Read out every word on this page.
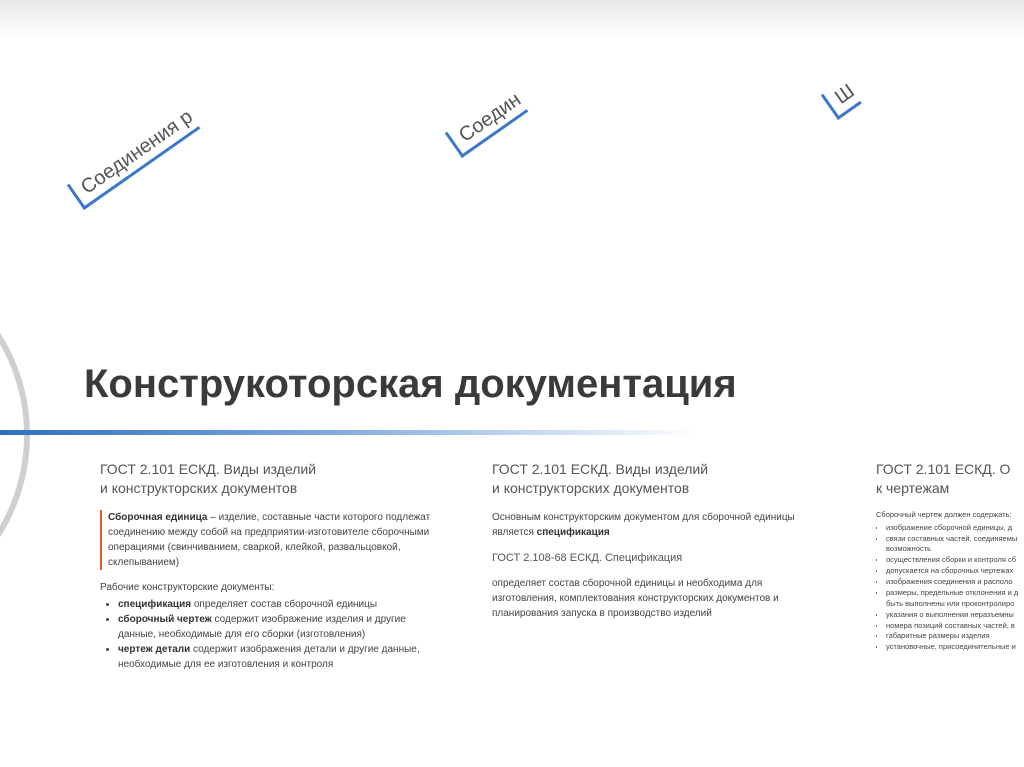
Соединения р	Соедин	Ш
Конструкоторская документация
ГОСТ 2.101 ЕСКД. Виды изделий
и конструкторских документов

Сборочная единица – изделие, составные части которого подлежат соединению между собой на предприятии-изготовителе сборочными операциями (свинчиванием, сваркой, клейкой, развальцовкой, склепыванием)

Рабочие конструкторские документы:

• спецификация определяет состав сборочной единицы
• сборочный чертеж содержит изображение изделия и другие данные, необходимые для его сборки (изготовления)
• чертеж детали содержит изображения детали и другие данные, необходимые для ее изготовления и контроля
ГОСТ 2.101 ЕСКД. Виды изделий
и конструкторских документов

Основным конструкторским документом для сборочной единицы является спецификация

ГОСТ 2.108-68 ЕСКД. Спецификация

определяет состав сборочной единицы и необходима для изготовления, комплектования конструкторских документов и планирования запуска в производство изделий

ГОСТ 2.101 ЕСКД. О
к чертежам

Сборочный чертеж должен содержать:

• изображение сборочной единицы, д
• связи составных частей, соединяемы
возможность
• осуществления сборки и контроля сб
• допускается на сборочных чертежах
• изображения соединения и располо
• размеры, предельные отклонения и д
быть выполнены или проконтролиро
• указания о выполнении неразъемны
• номера позиций составных частей, в
• габаритные размеры изделия
• установочные, присоединительные и
